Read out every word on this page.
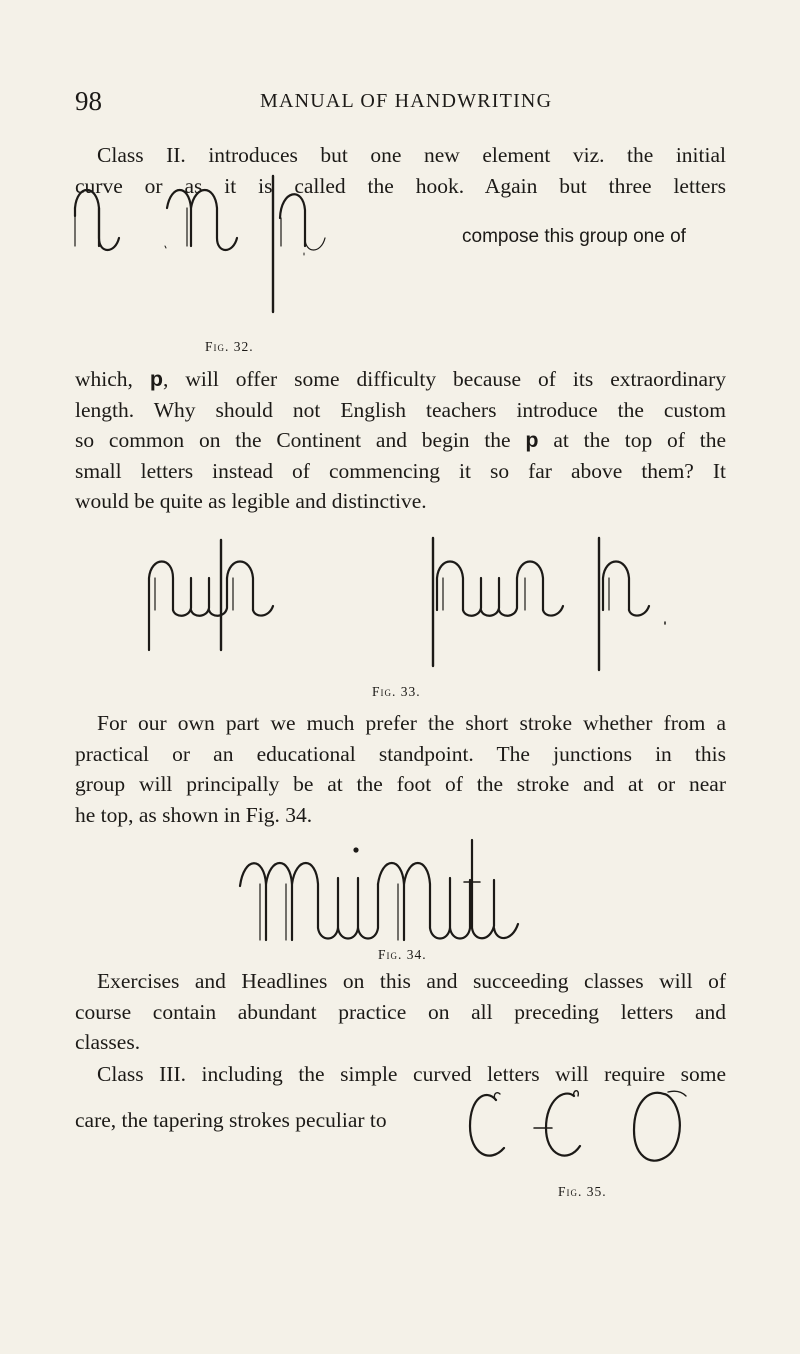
98	MANUAL OF HANDWRITING
Class II. introduces but one new element viz. the initial
curve or as it is called the hook. Again but three letters
compose this group one of
Fig. 32.
which, p, will offer some difficulty because of its extraordinary
length. Why should not English teachers introduce the custom
so common on the Continent and begin the p at the top of the
small letters instead of commencing it so far above them? It
would be quite as legible and distinctive.
Fig. 33.
For our own part we much prefer the short stroke whether from a
practical or an educational standpoint. The junctions in this
group will principally be at the foot of the stroke and at or near
he top, as shown in Fig. 34.
Fig. 34.
Exercises and Headlines on this and succeeding classes will of
course contain abundant practice on all preceding letters and
classes.
Class III. including the simple curved letters will require some
care, the tapering strokes peculiar to
Fig. 35.
